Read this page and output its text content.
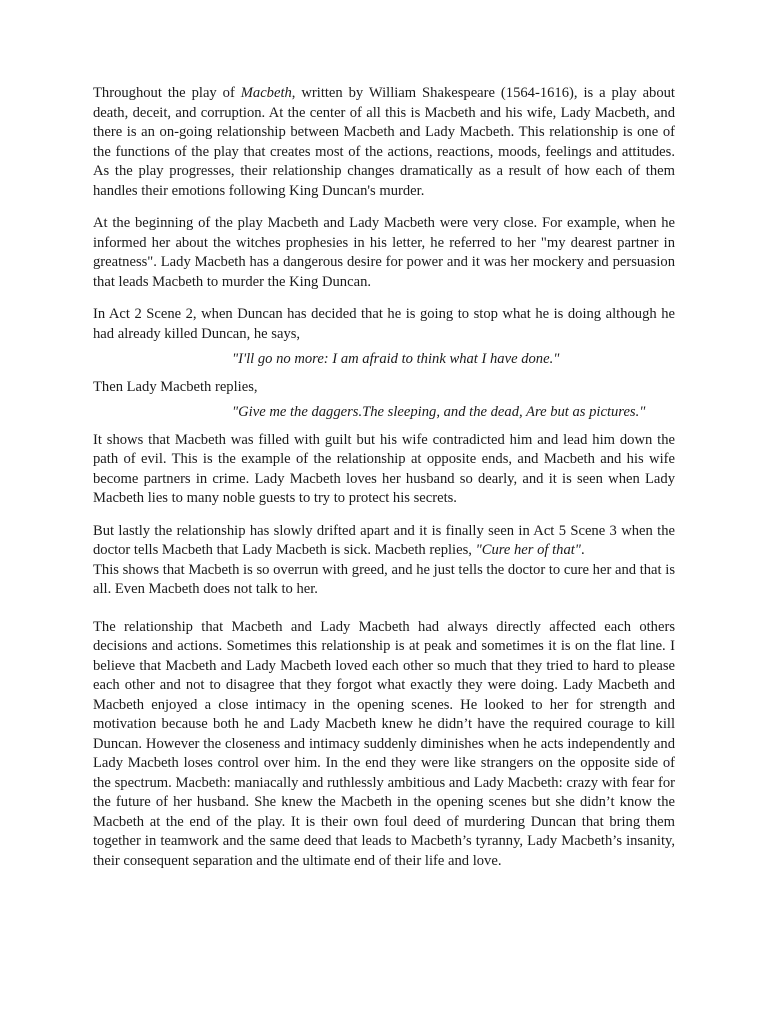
Throughout the play of Macbeth, written by William Shakespeare (1564-1616), is a play about death, deceit, and corruption. At the center of all this is Macbeth and his wife, Lady Macbeth, and there is an on-going relationship between Macbeth and Lady Macbeth. This relationship is one of the functions of the play that creates most of the actions, reactions, moods, feelings and attitudes. As the play progresses, their relationship changes dramatically as a result of how each of them handles their emotions following King Duncan's murder.

At the beginning of the play Macbeth and Lady Macbeth were very close. For example, when he informed her about the witches prophesies in his letter, he referred to her "my dearest partner in greatness". Lady Macbeth has a dangerous desire for power and it was her mockery and persuasion that leads Macbeth to murder the King Duncan.

In Act 2 Scene 2, when Duncan has decided that he is going to stop what he is doing although he had already killed Duncan, he says,

"I'll go no more: I am afraid to think what I have done."

Then Lady Macbeth replies,

"Give me the daggers.The sleeping, and the dead, Are but as pictures."

It shows that Macbeth was filled with guilt but his wife contradicted him and lead him down the path of evil. This is the example of the relationship at opposite ends, and Macbeth and his wife become partners in crime. Lady Macbeth loves her husband so dearly, and it is seen when Lady Macbeth lies to many noble guests to try to protect his secrets.

But lastly the relationship has slowly drifted apart and it is finally seen in Act 5 Scene 3 when the doctor tells Macbeth that Lady Macbeth is sick. Macbeth replies, "Cure her of that".

This shows that Macbeth is so overrun with greed, and he just tells the doctor to cure her and that is all. Even Macbeth does not talk to her.

The relationship that Macbeth and Lady Macbeth had always directly affected each others decisions and actions. Sometimes this relationship is at peak and sometimes it is on the flat line. I believe that Macbeth and Lady Macbeth loved each other so much that they tried to hard to please each other and not to disagree that they forgot what exactly they were doing. Lady Macbeth and Macbeth enjoyed a close intimacy in the opening scenes. He looked to her for strength and motivation because both he and Lady Macbeth knew he didn’t have the required courage to kill Duncan. However the closeness and intimacy suddenly diminishes when he acts independently and Lady Macbeth loses control over him. In the end they were like strangers on the opposite side of the spectrum. Macbeth: maniacally and ruthlessly ambitious and Lady Macbeth: crazy with fear for the future of her husband. She knew the Macbeth in the opening scenes but she didn’t know the Macbeth at the end of the play. It is their own foul deed of murdering Duncan that bring them together in teamwork and the same deed that leads to Macbeth’s tyranny, Lady Macbeth’s insanity, their consequent separation and the ultimate end of their life and love.
